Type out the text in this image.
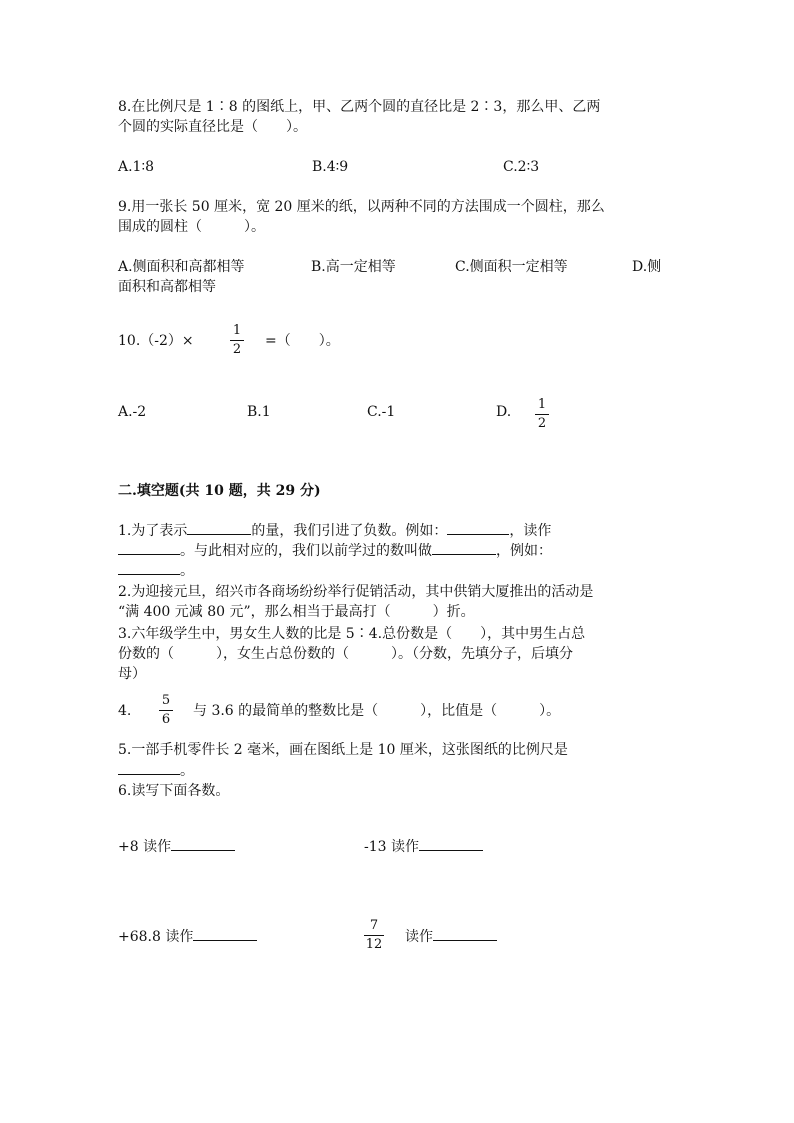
8.在比例尺是 1∶8 的图纸上，甲、乙两个圆的直径比是 2∶3，那么甲、乙两
个圆的实际直径比是（　　）。
A.1∶8	B.4∶9	C.2∶3
9.用一张长 50 厘米，宽 20 厘米的纸，以两种不同的方法围成一个圆柱，那么
围成的圆柱（　　　）。
A.侧面积和高都相等	B.高一定相等	C.侧面积一定相等	D.侧
面积和高都相等
10.（-2）×
1
2
=（　　）。
A.-2	B.1	C.-1	D. 1
2
二.填空题(共 10 题，共 29 分)
1.为了表示	的量，我们引进了负数。例如：	，读作
。与此相对应的，我们以前学过的数叫做	，例如：
。
2.为迎接元旦，绍兴市各商场纷纷举行促销活动，其中供销大厦推出的活动是
“满 400 元减 80 元”，那么相当于最高打（　　　）折。
3.六年级学生中，男女生人数的比是 5∶4.总份数是（　　），其中男生占总
份数的（　　　），女生占总份数的（　　　）。（分数，先填分子，后填分
母）
4.
5
6
与 3.6 的最简单的整数比是（　　　），比值是（　　　）。
5.一部手机零件长 2 毫米，画在图纸上是 10 厘米，这张图纸的比例尺是
。
6.读写下面各数。
+8 读作	-13 读作
+68.8 读作
7
12 读作
